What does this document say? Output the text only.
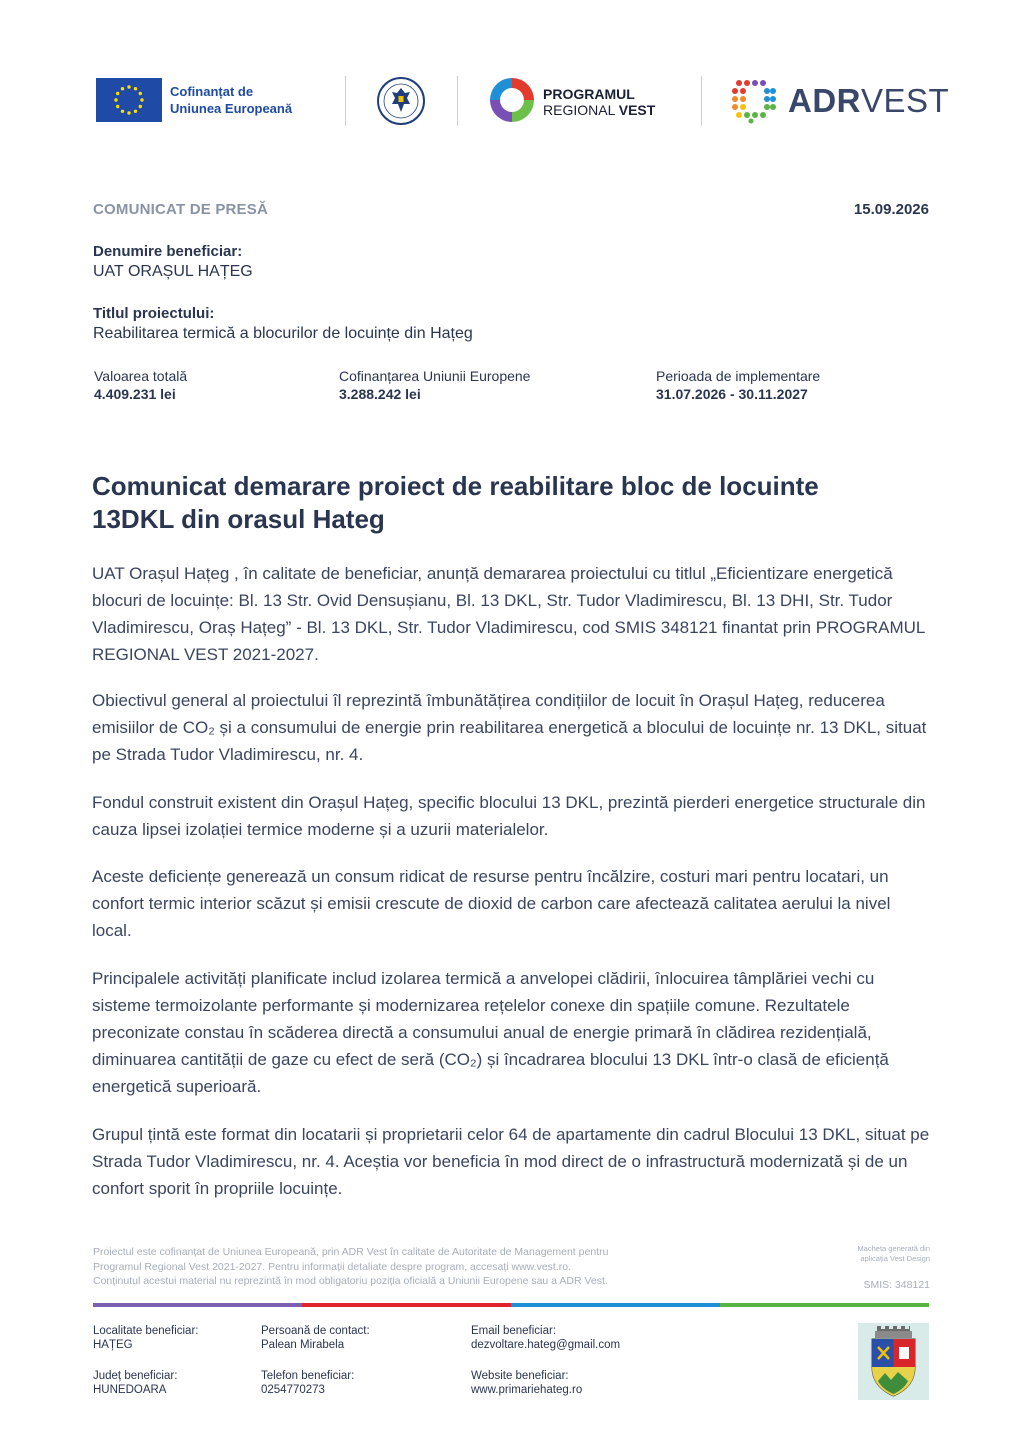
Cofinanțat de
Uniunea Europeană
PROGRAMUL
REGIONAL VEST	ADRVEST
COMUNICAT DE PRESĂ	15.09.2026
Denumire beneficiar:
UAT ORAȘUL HAȚEG
Titlul proiectului:
Reabilitarea termică a blocurilor de locuințe din Hațeg
Valoarea totală
4.409.231 lei
Cofinanțarea Uniunii Europene
3.288.242 lei
Perioada de implementare
31.07.2026 - 30.11.2027
Comunicat demarare proiect de reabilitare bloc de locuinte 13DKL din orasul Hateg

UAT Orașul Hațeg , în calitate de beneficiar, anunță demararea proiectului cu titlul „Eficientizare energetică blocuri de locuințe: Bl. 13 Str. Ovid Densușianu, Bl. 13 DKL, Str. Tudor Vladimirescu, Bl. 13 DHI, Str. Tudor Vladimirescu, Oraș Hațeg” - Bl. 13 DKL, Str. Tudor Vladimirescu, cod SMIS 348121 finantat prin PROGRAMUL REGIONAL VEST 2021-2027.

Obiectivul general al proiectului îl reprezintă îmbunătățirea condițiilor de locuit în Orașul Hațeg, reducerea emisiilor de CO₂ și a consumului de energie prin reabilitarea energetică a blocului de locuințe nr. 13 DKL, situat pe Strada Tudor Vladimirescu, nr. 4.

Fondul construit existent din Orașul Hațeg, specific blocului 13 DKL, prezintă pierderi energetice structurale din cauza lipsei izolației termice moderne și a uzurii materialelor.

Aceste deficiențe generează un consum ridicat de resurse pentru încălzire, costuri mari pentru locatari, un confort termic interior scăzut și emisii crescute de dioxid de carbon care afectează calitatea aerului la nivel local.

Principalele activități planificate includ izolarea termică a anvelopei clădirii, înlocuirea tâmplăriei vechi cu sisteme termoizolante performante și modernizarea rețelelor conexe din spațiile comune. Rezultatele preconizate constau în scăderea directă a consumului anual de energie primară în clădirea rezidențială, diminuarea cantității de gaze cu efect de seră (CO₂) și încadrarea blocului 13 DKL într-o clasă de eficiență energetică superioară.

Grupul țintă este format din locatarii și proprietarii celor 64 de apartamente din cadrul Blocului 13 DKL, situat pe Strada Tudor Vladimirescu, nr. 4. Aceștia vor beneficia în mod direct de o infrastructură modernizată și de un confort sporit în propriile locuințe.

Proiectul este cofinanțat de Uniunea Europeană, prin ADR Vest în calitate de Autoritate de Management pentru
Programul Regional Vest 2021-2027. Pentru informații detaliate despre program, accesați www.vest.ro.
Conținutul acestui material nu reprezintă în mod obligatoriu poziția oficială a Uniunii Europene sau a ADR Vest.
Macheta generată din
aplicația Vest Design
SMIS: 348121
Localitate beneficiar:
HAȚEG
Județ beneficiar:
HUNEDOARA
Persoană de contact:
Palean Mirabela
Telefon beneficiar:
0254770273
Email beneficiar:
dezvoltare.hateg@gmail.com
Website beneficiar:
www.primariehateg.ro
